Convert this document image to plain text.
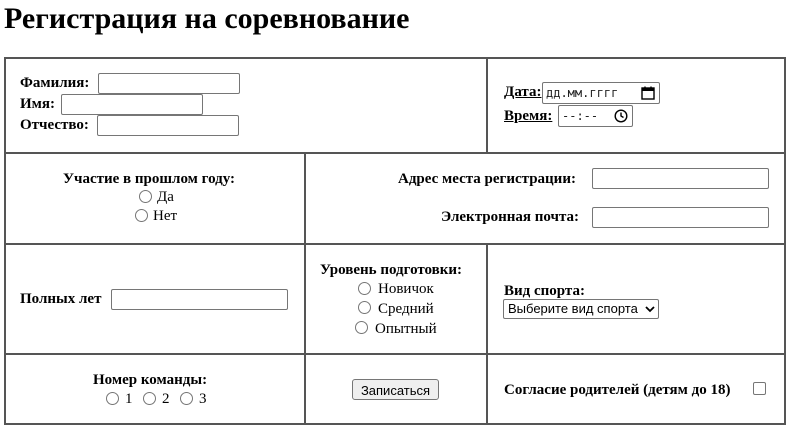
Регистрация на соревнование
Фамилия:
Имя:
Отчество:
Дата: дд.мм.гггг
Время: --:--
Участие в прошлом году:
Да
Нет
Адрес места регистрации:
Электронная почта:
Полных лет
Уровень подготовки:
Новичок
Средний
Опытный
Вид спорта:
Выберите вид спорта
Номер команды:
1 2 3
Записаться	Согласие родителей (детям до 18)
